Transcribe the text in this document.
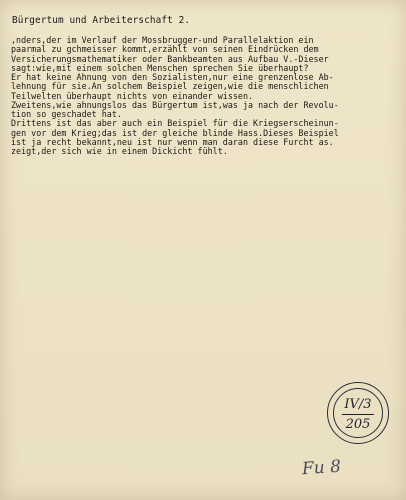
Bürgertum und Arbeiterschaft 2.
,nders,der im Verlauf der Mossbrugger-und Parallelaktion ein
paarmal zu gchmeisser kommt,erzählt von seinen Eindrücken dem
Versicherungsmathematiker oder Bankbeamten aus Aufbau V.-Dieser
sagt:wie,mit einem solchen Menschen sprechen Sie überhaupt?
Er hat keine Ahnung von den Sozialisten,nur eine grenzenlose Ab-
lehnung für sie.An solchem Beispiel zeigen,wie die menschlichen
Teilwelten überhaupt nichts von einander wissen.
Zweitens,wie ahnungslos das Bürgertum ist,was ja nach der Revolu-
tion so geschadet hat.
Drittens ist das aber auch ein Beispiel für die Kriegserscheinun-
gen vor dem Krieg;das ist der gleiche blinde Hass.Dieses Beispiel
ist ja recht bekannt,neu ist nur wenn man daran diese Furcht as.
zeigt,der sich wie in einem Dickicht fühlt.
IV/3
205
Fu 8
